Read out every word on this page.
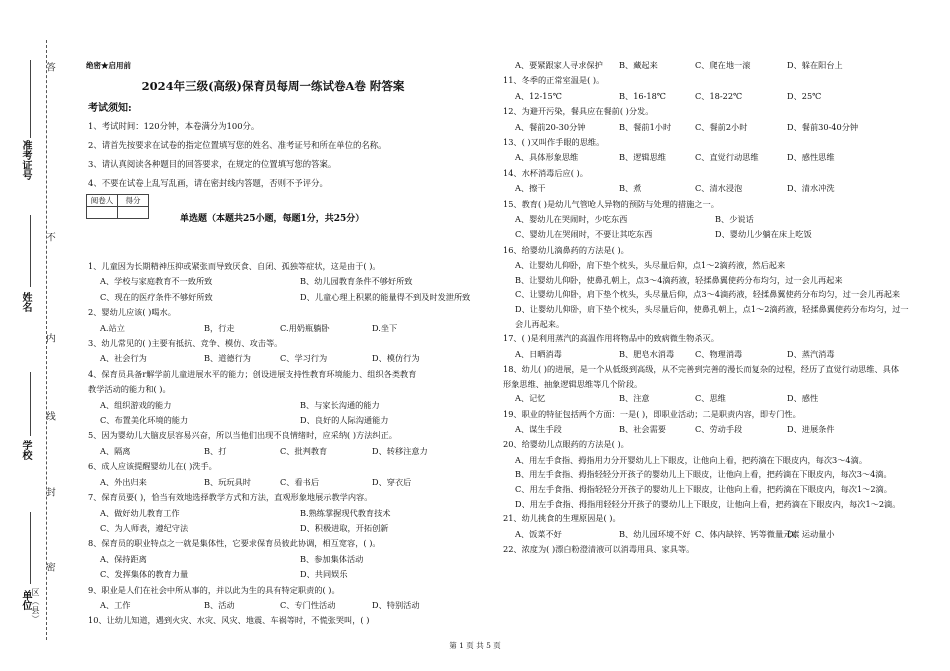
答
不
内
线
封
密
准考证号
姓名
学校
单位 区（县）
绝密★启用前
2024年三级(高级)保育员每周一练试卷A卷 附答案
考试须知:
1、考试时间：120分钟，本卷满分为100分。
2、请首先按要求在试卷的指定位置填写您的姓名、准考证号和所在单位的名称。
3、请认真阅读各种题目的回答要求，在规定的位置填写您的答案。
4、不要在试卷上乱写乱画，请在密封线内答题，否则不予评分。
阅卷人	得分

单选题（本题共25小题，每题1分，共25分）
1、儿童因为长期精神压抑或紧张而导致厌食、自闭、孤独等症状，这是由于( )。
A、学校与家庭教育不一致所致	B、幼儿园教育条件不够好所致
C、现在的医疗条件不够好所致	D、儿童心理上积累的能量得不到及时发泄所致
2、婴幼儿应该( )喝水。
A.站立	B，行走	C.用奶瓶躺卧	D.坐下
3、幼儿常见的( )主要有抵抗、竞争、模仿、攻击等。
A、社会行为	B、道德行为	C、学习行为	D、模仿行为
4、保育员具备r解学前儿童进展水平的能力；创设进展支持性教育环境能力、组织各类教育
教学活动的能力和( )。
A、组织游戏的能力	B、与家长沟通的能力
C、布置美化环境的能力	D、良好的人际沟通能力
5、因为婴幼儿大脑皮层容易兴奋，所以当他们出现不良情绪时，应采纳( )方法纠正。
A、隔离	B、打	C、批判教育	D、转移注意力
6、成人应该提醒婴幼儿在( )洗手。
A、外出归来	B、玩玩具时	C、看书后	D、穿衣后
7、保育员要( )，恰当有效地选择教学方式和方法，直观形象地展示教学内容。
A、做好幼儿教育工作	B.熟练掌握现代教育技术
C、为人师表，遵纪守法	D、积极进取，开拓创新
8、保育员的职业特点之一就是集体性，它要求保育员彼此协调，相互宽容，( )。
A、保持距离	B、参加集体活动
C、发挥集体的教育力量	D、共同娱乐
9、职业是人们在社会中所从事的，并以此为生的具有特定职责的( )。
A、工作	B、活动	C、专门性活动	D、特别活动
10、让幼儿知道，遇到火灾、水灾、风灾、地震、车祸等时，不慌张哭叫，( )
A、要紧跟家人寻求保护 B、藏起来	C、爬在地一滚	D、躲在阳台上
11、冬季的正常室温是( )。
A、12-15℃	B、16-18℃	C、18-22℃	D、25℃
12、为避开污染，餐具应在餐前( )分发。
A、餐前20-30分钟	B、餐前1小时	C、餐前2小时	D、餐前30-40分钟
13、( )又叫作手眼的思维。
A、具体形象思维	B、逻辑思维	C、直觉行动思维	D、感性思维
14、水杯消毒后应( )。
A、擦干	B、煮	C、清水浸泡	D、清水冲洗
15、教育( )是幼儿气管呛人异物的预防与处理的措施之一。
A、婴幼儿在哭闹时，少吃东西	B、少说话
C、婴幼儿在哭闹时，不要让其吃东西	D、婴幼儿少躺在床上吃饭
16、给婴幼儿滴鼻药的方法是( )。
A、让婴幼儿仰卧，肩下垫个枕头，头尽量后仰，点1～2滴药液，然后起来
B、让婴幼儿仰卧，使鼻孔朝上，点3～4滴药液，轻揉鼻翼使药分布均匀，过一会儿再起来
C、让婴幼儿仰卧，肩下垫个枕头，头尽量后仰，点3～4滴药液，轻揉鼻翼使药分布均匀，过一会儿再起来
D、让婴幼儿仰卧，肩下垫个枕头，头尽量后仰，使鼻孔朝上，点1～2滴药液，轻揉鼻翼使药分布均匀，过一会儿再起来。
17、( )是利用蒸汽的高温作用将物品中的致病微生物杀灭。
A、日晒消毒	B、肥皂水消毒	C、物理消毒	D、蒸汽消毒
18、幼儿( )的进展，是一个从低级到高级，从不完善到完善的漫长而复杂的过程，经历了直觉行动思维、具体形象思维、抽象逻辑思维等几个阶段。
A、记忆	B、注意	C、思维	D、感性
19、职业的特征包括两个方面：一是( )，即职业活动；二是职责内容，即专门性。
A、谋生手段	B、社会需要	C、劳动手段	D、进展条件
20、给婴幼儿点眼药的方法是( )。
A、用左手食指、拇指用力分开婴幼儿上下眼皮，让他向上看，把药滴在下眼皮内，每次3～4滴。
B、用左手食指、拇指轻轻分开孩子的婴幼儿上下眼皮，让他向上看，把药滴在下眼皮内，每次3～4滴。
C、用左手食指、拇指轻轻分开孩子的婴幼儿上下眼皮，让他向上看，把药滴在下眼皮内，每次1～2滴。
D、用左手食指、拇指用轻轻分开孩子的婴幼儿上下眼皮，让他向上看，把药滴在下眼皮内，每次1～2滴。
21、幼儿挑食的生理原因是( )。
A、饭菜不好	B、幼儿园环境不好 C、体内缺锌、钙等微量元素D、运动量小
22、浓度为( )漂白粉澄清液可以消毒用具、家具等。
第 1 页 共 5 页
